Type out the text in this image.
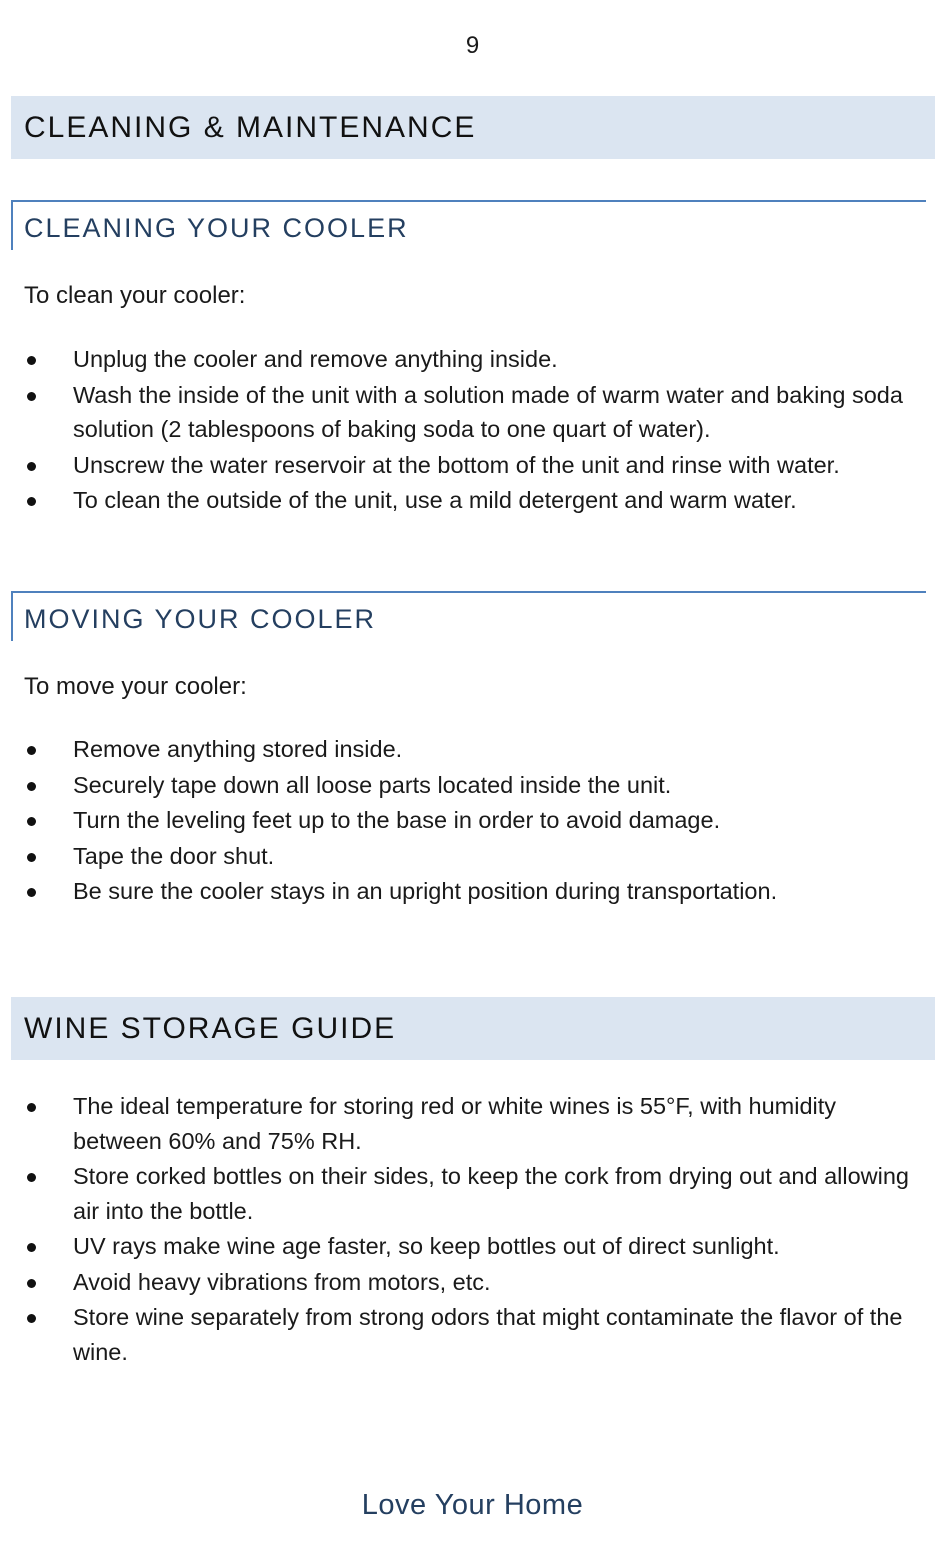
9
CLEANING & MAINTENANCE
CLEANING YOUR COOLER
To clean your cooler:
Unplug the cooler and remove anything inside.
Wash the inside of the unit with a solution made of warm water and baking soda solution (2 tablespoons of baking soda to one quart of water).
Unscrew the water reservoir at the bottom of the unit and rinse with water.
To clean the outside of the unit, use a mild detergent and warm water.
MOVING YOUR COOLER
To move your cooler:
Remove anything stored inside.
Securely tape down all loose parts located inside the unit.
Turn the leveling feet up to the base in order to avoid damage.
Tape the door shut.
Be sure the cooler stays in an upright position during transportation.
WINE STORAGE GUIDE
The ideal temperature for storing red or white wines is 55°F, with humidity between 60% and 75% RH.
Store corked bottles on their sides, to keep the cork from drying out and allowing air into the bottle.
UV rays make wine age faster, so keep bottles out of direct sunlight.
Avoid heavy vibrations from motors, etc.
Store wine separately from strong odors that might contaminate the flavor of the wine.
Love Your Home
